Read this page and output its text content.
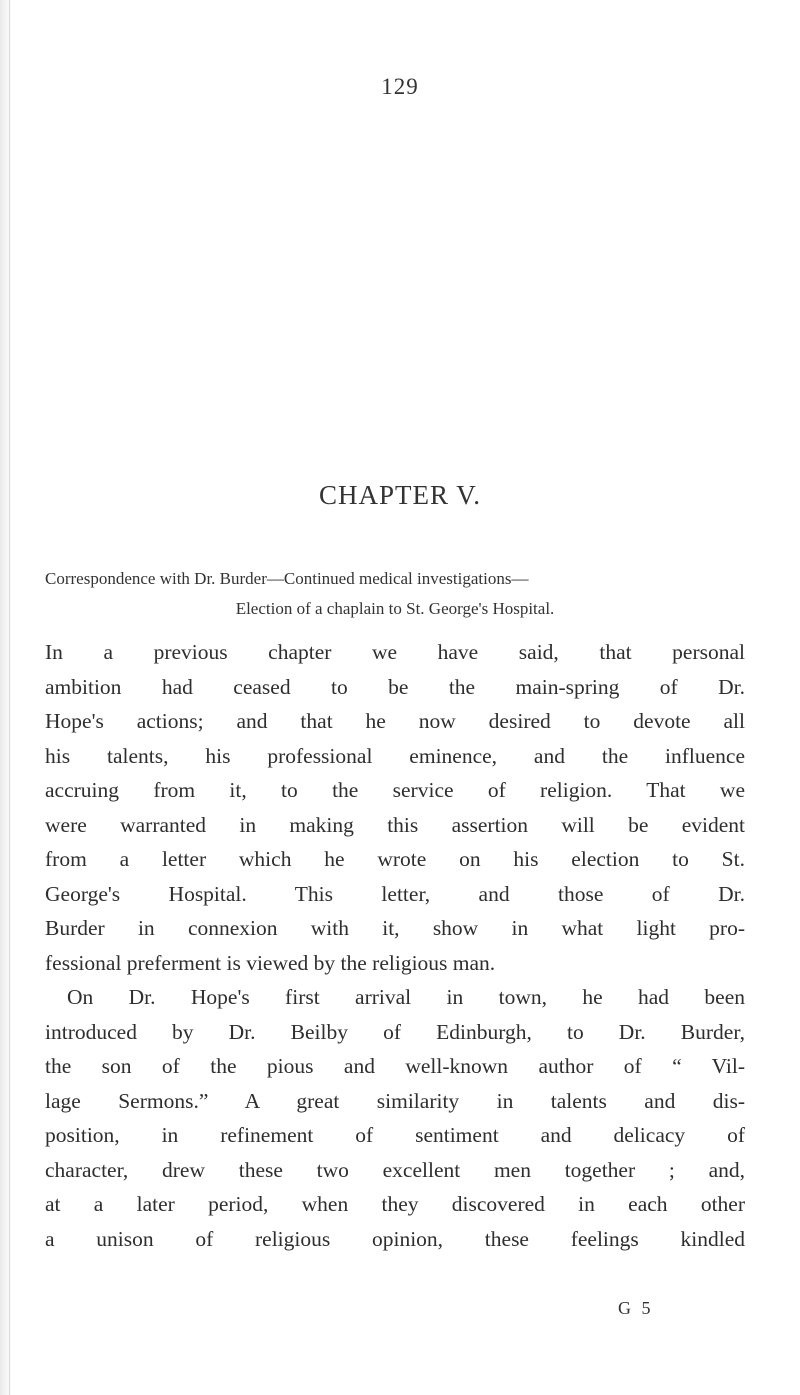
129
CHAPTER V.
Correspondence with Dr. Burder—Continued medical investigations—
Election of a chaplain to St. George's Hospital.
In a previous chapter we have said, that personal
ambition had ceased to be the main-spring of Dr.
Hope's actions; and that he now desired to devote all
his talents, his professional eminence, and the influence
accruing from it, to the service of religion. That we
were warranted in making this assertion will be evident
from a letter which he wrote on his election to St.
George's Hospital. This letter, and those of Dr.
Burder in connexion with it, show in what light pro-
fessional preferment is viewed by the religious man.
On Dr. Hope's first arrival in town, he had been
introduced by Dr. Beilby of Edinburgh, to Dr. Burder,
the son of the pious and well-known author of “ Vil-
lage Sermons.” A great similarity in talents and dis-
position, in refinement of sentiment and delicacy of
character, drew these two excellent men together ; and,
at a later period, when they discovered in each other
a unison of religious opinion, these feelings kindled
G 5
